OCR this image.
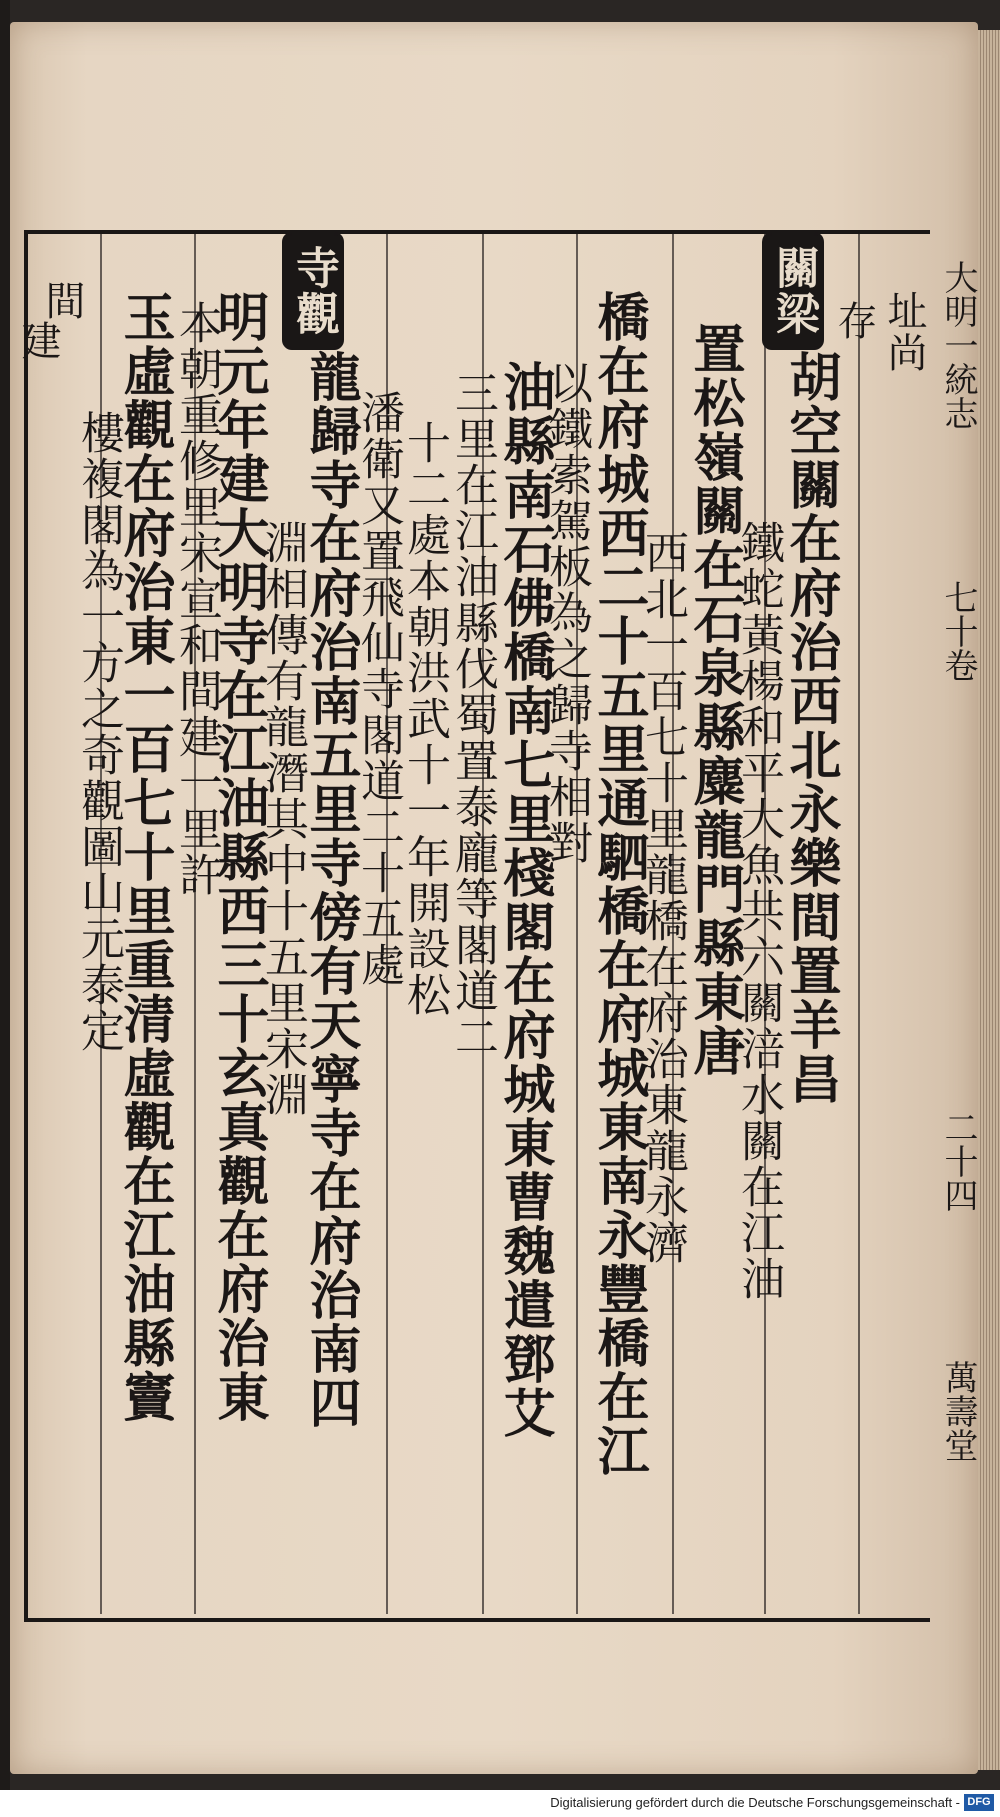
址尚
存
關梁
胡空關在府治西北永樂間置羊昌
鐵蛇黃楊和平大魚共六關涪水關在江油
置松嶺關在石泉縣麋龍門縣東唐
西北一百七十里龍橋在府治東龍永濟
橋在府城西二十五里通駟橋在府城東南永豐橋在江
以鐵索駕板為之歸寺相對
油縣南石佛橋南七里棧閣在府城東曹魏遣鄧艾
三里在江油縣伐蜀置泰龐等閣道二
十二處本朝洪武十一年開設松
潘衛又置飛仙寺閣道二十五處
寺觀
龍歸寺在府治南五里寺傍有天寧寺在府治南四
淵相傳有龍潛其中十五里宋淵
明元年建大明寺在江油縣西三十玄真觀在府治東
本朝重修里宋宣和間建一里許
玉虛觀在府治東一百七十里重清虛觀在江油縣竇
樓複閣為一方之奇觀圖山元泰定
間
建	大明一統志
七十卷
二十四
萬壽堂
Digitalisierung gefördert durch die Deutsche Forschungsgemeinschaft - DFG
